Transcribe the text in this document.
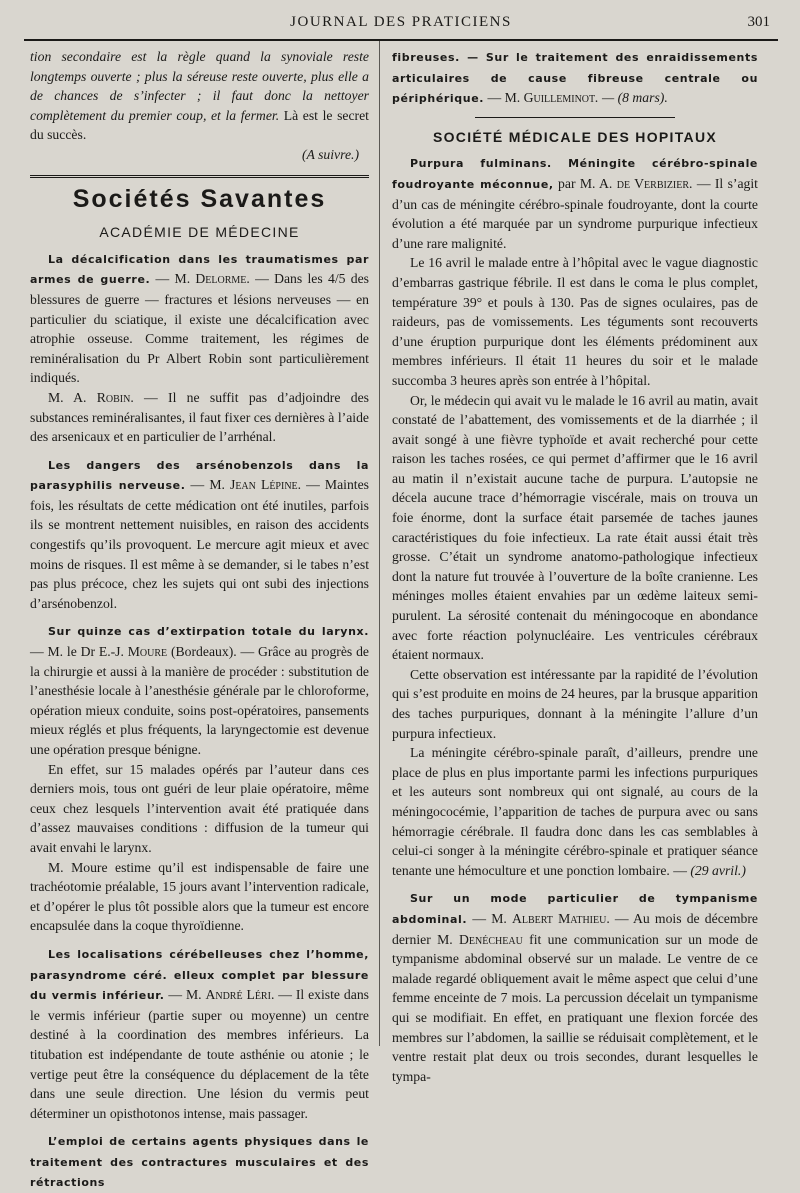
JOURNAL DES PRATICIENS	301

tion secondaire est la règle quand la synoviale reste longtemps ouverte ; plus la séreuse reste ouverte, plus elle a de chances de s’infecter ; il faut donc la nettoyer complètement du premier coup, et la fermer. Là est le secret du succès.

(A suivre.)

Sociétés Savantes
ACADÉMIE DE MÉDECINE

La décalcification dans les traumatismes par armes de guerre. — M. Delorme. — Dans les 4/5 des blessures de guerre — fractures et lésions nerveuses — en particulier du sciatique, il existe une décalcification avec atrophie osseuse. Comme traitement, les régimes de reminéralisation du Pr Albert Robin sont particulièrement indiqués.

M. A. Robin. — Il ne suffit pas d’adjoindre des substances reminéralisantes, il faut fixer ces dernières à l’aide des arsenicaux et en particulier de l’arrhénal.

Les dangers des arsénobenzols dans la parasyphilis nerveuse. — M. Jean Lépine. — Maintes fois, les résultats de cette médication ont été inutiles, parfois ils se montrent nettement nuisibles, en raison des accidents congestifs qu’ils provoquent. Le mercure agit mieux et avec moins de risques. Il est même à se demander, si le tabes n’est pas plus précoce, chez les sujets qui ont subi des injections d’arsénobenzol.

Sur quinze cas d’extirpation totale du larynx. — M. le Dr E.-J. Moure (Bordeaux). — Grâce au progrès de la chirurgie et aussi à la manière de procéder : substitution de l’anesthésie locale à l’anesthésie générale par le chloroforme, opération mieux conduite, soins post-opératoires, pansements mieux réglés et plus fréquents, la laryngectomie est devenue une opération presque bénigne.

En effet, sur 15 malades opérés par l’auteur dans ces derniers mois, tous ont guéri de leur plaie opératoire, même ceux chez lesquels l’intervention avait été pratiquée dans d’assez mauvaises conditions : diffusion de la tumeur qui avait envahi le larynx.

M. Moure estime qu’il est indispensable de faire une trachéotomie préalable, 15 jours avant l’intervention radicale, et d’opérer le plus tôt possible alors que la tumeur est encore encapsulée dans la coque thyroïdienne.

Les localisations cérébelleuses chez l’homme, parasyndrome céré. elleux complet par blessure du vermis inférieur. — M. André Léri. — Il existe dans le vermis inférieur (partie super ou moyenne) un centre destiné à la coordination des membres inférieurs. La titubation est indépendante de toute asthénie ou atonie ; le vertige peut être la conséquence du déplacement de la tête dans une seule direction. Une lésion du vermis peut déterminer un opisthotonos intense, mais passager.

L’emploi de certains agents physiques dans le traitement des contractures musculaires et des rétractions

fibreuses. — Sur le traitement des enraidissements articulaires de cause fibreuse centrale ou périphérique. — M. Guilleminot. — (8 mars).

SOCIÉTÉ MÉDICALE DES HOPITAUX

Purpura fulminans. Méningite cérébro-spinale foudroyante méconnue, par M. A. de Verbizier. — Il s’agit d’un cas de méningite cérébro-spinale foudroyante, dont la courte évolution a été marquée par un syndrome purpurique infectieux d’une rare malignité.

Le 16 avril le malade entre à l’hôpital avec le vague diagnostic d’embarras gastrique fébrile. Il est dans le coma le plus complet, température 39° et pouls à 130. Pas de signes oculaires, pas de raideurs, pas de vomissements. Les téguments sont recouverts d’une éruption purpurique dont les éléments prédominent aux membres inférieurs. Il était 11 heures du soir et le malade succomba 3 heures après son entrée à l’hôpital.

Or, le médecin qui avait vu le malade le 16 avril au matin, avait constaté de l’abattement, des vomissements et de la diarrhée ; il avait songé à une fièvre typhoïde et avait recherché pour cette raison les taches rosées, ce qui permet d’affirmer que le 16 avril au matin il n’existait aucune tache de purpura. L’autopsie ne décela aucune trace d’hémorragie viscérale, mais on trouva un foie énorme, dont la surface était parsemée de taches jaunes caractéristiques du foie infectieux. La rate était aussi était très grosse. C’était un syndrome anatomo-pathologique infectieux dont la nature fut trouvée à l’ouverture de la boîte cranienne. Les méninges molles étaient envahies par un œdème laiteux semi-purulent. La sérosité contenait du méningocoque en abondance avec forte réaction polynucléaire. Les ventricules cérébraux étaient normaux.

Cette observation est intéressante par la rapidité de l’évolution qui s’est produite en moins de 24 heures, par la brusque apparition des taches purpuriques, donnant à la méningite l’allure d’un purpura infectieux.

La méningite cérébro-spinale paraît, d’ailleurs, prendre une place de plus en plus importante parmi les infections purpuriques et les auteurs sont nombreux qui ont signalé, au cours de la méningococémie, l’apparition de taches de purpura avec ou sans hémorragie cérébrale. Il faudra donc dans les cas semblables à celui-ci songer à la méningite cérébro-spinale et pratiquer séance tenante une hémoculture et une ponction lombaire. — (29 avril.)

Sur un mode particulier de tympanisme abdominal. — M. Albert Mathieu. — Au mois de décembre dernier M. Denécheau fit une communication sur un mode de tympanisme abdominal observé sur un malade. Le ventre de ce malade regardé obliquement avait le même aspect que celui d’une femme enceinte de 7 mois. La percussion décelait un tympanisme qui se modifiait. En effet, en pratiquant une flexion forcée des membres sur l’abdomen, la saillie se réduisait complètement, et le ventre restait plat deux ou trois secondes, durant lesquelles le tympa-
